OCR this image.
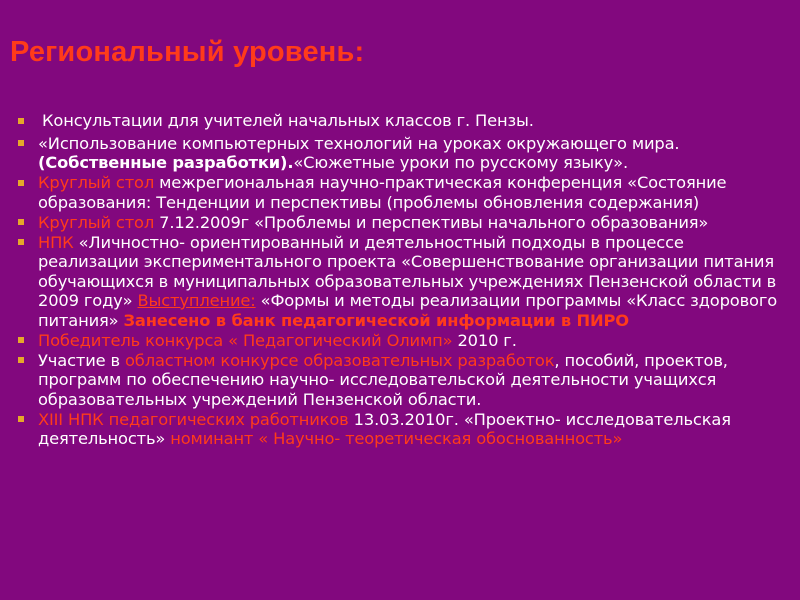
Региональный уровень:
Консультации для учителей начальных классов г. Пензы.
«Использование компьютерных технологий на уроках окружающего мира. (Собственные разработки).«Сюжетные уроки по русскому языку».
Круглый стол межрегиональная научно-практическая конференция «Состояние образования: Тенденции и перспективы (проблемы обновления содержания)
Круглый стол 7.12.2009г «Проблемы и перспективы начального образования»
НПК «Личностно- ориентированный и деятельностный подходы в процессе реализации экспериментального проекта «Совершенствование организации питания обучающихся в муниципальных образовательных учреждениях Пензенской области в 2009 году» Выступление: «Формы и методы реализации программы «Класс здорового питания» Занесено в банк педагогической информации в ПИРО
Победитель конкурса « Педагогический Олимп» 2010 г.
Участие в областном конкурсе образовательных разработок, пособий, проектов, программ по обеспечению научно- исследовательской деятельности учащихся образовательных учреждений Пензенской области.
XIII НПК педагогических работников 13.03.2010г. «Проектно- исследовательская деятельность» номинант « Научно- теоретическая обоснованность»
